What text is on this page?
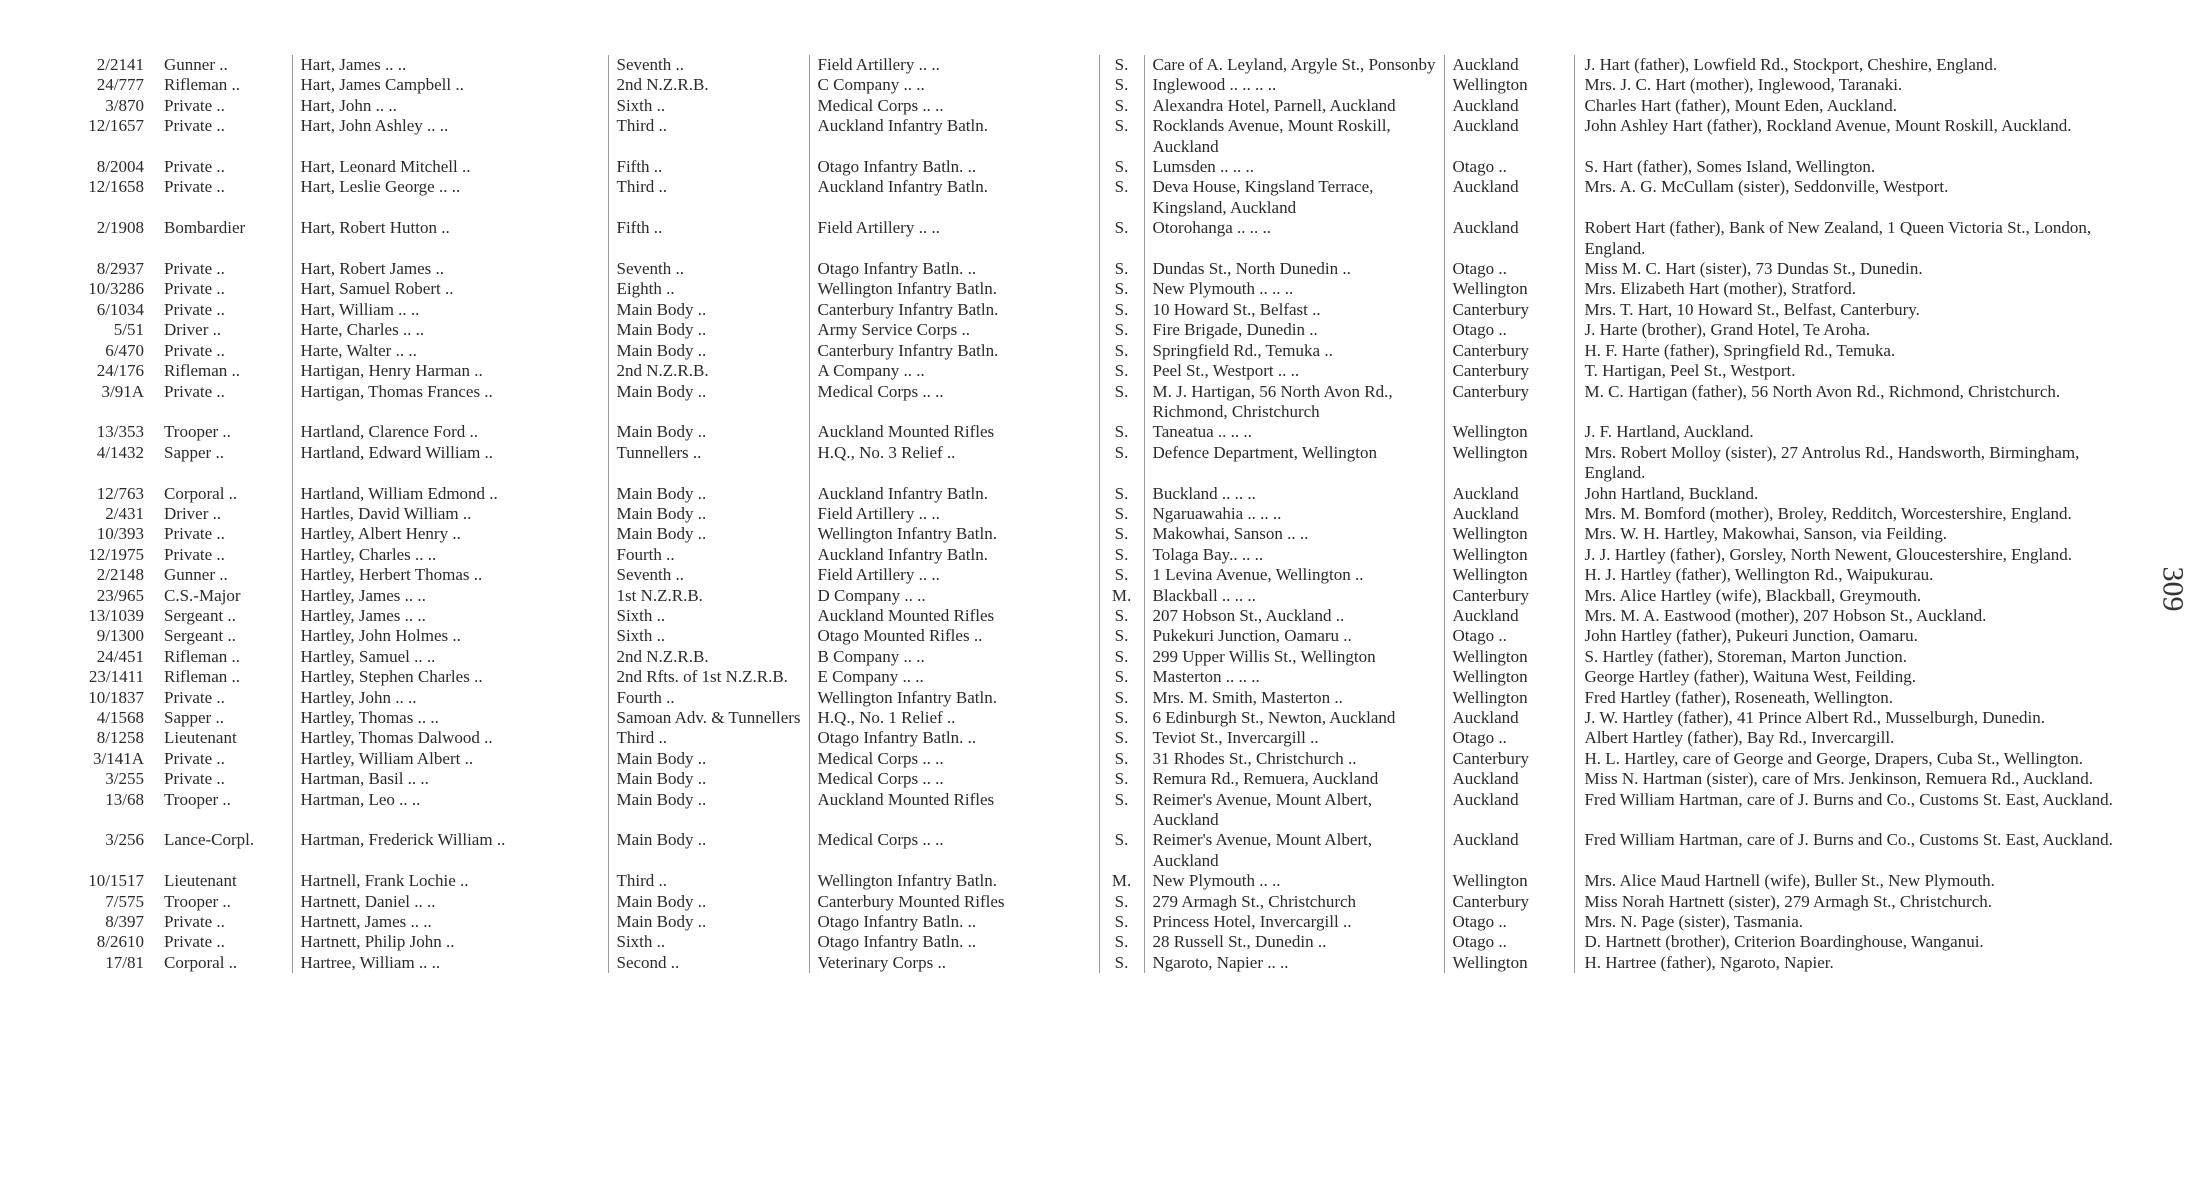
2/2141	Gunner ..	Hart, James .. ..	Seventh ..	Field Artillery .. ..	S.	Care of A. Leyland, Argyle St., Ponsonby	Auckland	J. Hart (father), Lowfield Rd., Stockport, Cheshire, England.
24/777	Rifleman ..	Hart, James Campbell ..	2nd N.Z.R.B.	C Company .. ..	S.	Inglewood .. .. .. ..	Wellington	Mrs. J. C. Hart (mother), Inglewood, Taranaki.
3/870	Private ..	Hart, John .. ..	Sixth ..	Medical Corps .. ..	S.	Alexandra Hotel, Parnell, Auckland	Auckland	Charles Hart (father), Mount Eden, Auckland.
12/1657	Private ..	Hart, John Ashley .. ..	Third ..	Auckland Infantry Batln.	S.	Rocklands Avenue, Mount Roskill, Auckland	Auckland	John Ashley Hart (father), Rockland Avenue, Mount Roskill, Auckland.
8/2004	Private ..	Hart, Leonard Mitchell ..	Fifth ..	Otago Infantry Batln. ..	S.	Lumsden .. .. ..	Otago ..	S. Hart (father), Somes Island, Wellington.
12/1658	Private ..	Hart, Leslie George .. ..	Third ..	Auckland Infantry Batln.	S.	Deva House, Kingsland Terrace, Kingsland, Auckland	Auckland	Mrs. A. G. McCullam (sister), Seddonville, Westport.
2/1908	Bombardier	Hart, Robert Hutton ..	Fifth ..	Field Artillery .. ..	S.	Otorohanga .. .. ..	Auckland	Robert Hart (father), Bank of New Zealand, 1 Queen Victoria St., London, England.
8/2937	Private ..	Hart, Robert James ..	Seventh ..	Otago Infantry Batln. ..	S.	Dundas St., North Dunedin ..	Otago ..	Miss M. C. Hart (sister), 73 Dundas St., Dunedin.
10/3286	Private ..	Hart, Samuel Robert ..	Eighth ..	Wellington Infantry Batln.	S.	New Plymouth .. .. ..	Wellington	Mrs. Elizabeth Hart (mother), Stratford.
6/1034	Private ..	Hart, William .. ..	Main Body ..	Canterbury Infantry Batln.	S.	10 Howard St., Belfast ..	Canterbury	Mrs. T. Hart, 10 Howard St., Belfast, Canterbury.
5/51	Driver ..	Harte, Charles .. ..	Main Body ..	Army Service Corps ..	S.	Fire Brigade, Dunedin ..	Otago ..	J. Harte (brother), Grand Hotel, Te Aroha.
6/470	Private ..	Harte, Walter .. ..	Main Body ..	Canterbury Infantry Batln.	S.	Springfield Rd., Temuka ..	Canterbury	H. F. Harte (father), Springfield Rd., Temuka.
24/176	Rifleman ..	Hartigan, Henry Harman ..	2nd N.Z.R.B.	A Company .. ..	S.	Peel St., Westport .. ..	Canterbury	T. Hartigan, Peel St., Westport.
3/91A	Private ..	Hartigan, Thomas Frances ..	Main Body ..	Medical Corps .. ..	S.	M. J. Hartigan, 56 North Avon Rd., Richmond, Christchurch	Canterbury	M. C. Hartigan (father), 56 North Avon Rd., Richmond, Christchurch.
13/353	Trooper ..	Hartland, Clarence Ford ..	Main Body ..	Auckland Mounted Rifles	S.	Taneatua .. .. ..	Wellington	J. F. Hartland, Auckland.
4/1432	Sapper ..	Hartland, Edward William ..	Tunnellers ..	H.Q., No. 3 Relief ..	S.	Defence Department, Wellington	Wellington	Mrs. Robert Molloy (sister), 27 Antrolus Rd., Handsworth, Birmingham, England.
12/763	Corporal ..	Hartland, William Edmond ..	Main Body ..	Auckland Infantry Batln.	S.	Buckland .. .. ..	Auckland	John Hartland, Buckland.
2/431	Driver ..	Hartles, David William ..	Main Body ..	Field Artillery .. ..	S.	Ngaruawahia .. .. ..	Auckland	Mrs. M. Bomford (mother), Broley, Redditch, Worcestershire, England.
10/393	Private ..	Hartley, Albert Henry ..	Main Body ..	Wellington Infantry Batln.	S.	Makowhai, Sanson .. ..	Wellington	Mrs. W. H. Hartley, Makowhai, Sanson, via Feilding.
12/1975	Private ..	Hartley, Charles .. ..	Fourth ..	Auckland Infantry Batln.	S.	Tolaga Bay.. .. ..	Wellington	J. J. Hartley (father), Gorsley, North Newent, Gloucestershire, England.
2/2148	Gunner ..	Hartley, Herbert Thomas ..	Seventh ..	Field Artillery .. ..	S.	1 Levina Avenue, Wellington ..	Wellington	H. J. Hartley (father), Wellington Rd., Waipukurau.
23/965	C.S.-Major	Hartley, James .. ..	1st N.Z.R.B.	D Company .. ..	M.	Blackball .. .. ..	Canterbury	Mrs. Alice Hartley (wife), Blackball, Greymouth.
13/1039	Sergeant ..	Hartley, James .. ..	Sixth ..	Auckland Mounted Rifles	S.	207 Hobson St., Auckland ..	Auckland	Mrs. M. A. Eastwood (mother), 207 Hobson St., Auckland.
9/1300	Sergeant ..	Hartley, John Holmes ..	Sixth ..	Otago Mounted Rifles ..	S.	Pukekuri Junction, Oamaru ..	Otago ..	John Hartley (father), Pukeuri Junction, Oamaru.
24/451	Rifleman ..	Hartley, Samuel .. ..	2nd N.Z.R.B.	B Company .. ..	S.	299 Upper Willis St., Wellington	Wellington	S. Hartley (father), Storeman, Marton Junction.
23/1411	Rifleman ..	Hartley, Stephen Charles ..	2nd Rfts. of 1st N.Z.R.B.	E Company .. ..	S.	Masterton .. .. ..	Wellington	George Hartley (father), Waituna West, Feilding.
10/1837	Private ..	Hartley, John .. ..	Fourth ..	Wellington Infantry Batln.	S.	Mrs. M. Smith, Masterton ..	Wellington	Fred Hartley (father), Roseneath, Wellington.
4/1568	Sapper ..	Hartley, Thomas .. ..	Samoan Adv. & Tunnellers	H.Q., No. 1 Relief ..	S.	6 Edinburgh St., Newton, Auckland	Auckland	J. W. Hartley (father), 41 Prince Albert Rd., Musselburgh, Dunedin.
8/1258	Lieutenant	Hartley, Thomas Dalwood ..	Third ..	Otago Infantry Batln. ..	S.	Teviot St., Invercargill ..	Otago ..	Albert Hartley (father), Bay Rd., Invercargill.
3/141A	Private ..	Hartley, William Albert ..	Main Body ..	Medical Corps .. ..	S.	31 Rhodes St., Christchurch ..	Canterbury	H. L. Hartley, care of George and George, Drapers, Cuba St., Wellington.
3/255	Private ..	Hartman, Basil .. ..	Main Body ..	Medical Corps .. ..	S.	Remura Rd., Remuera, Auckland	Auckland	Miss N. Hartman (sister), care of Mrs. Jenkinson, Remuera Rd., Auckland.
13/68	Trooper ..	Hartman, Leo .. ..	Main Body ..	Auckland Mounted Rifles	S.	Reimer's Avenue, Mount Albert, Auckland	Auckland	Fred William Hartman, care of J. Burns and Co., Customs St. East, Auckland.
3/256	Lance-Corpl.	Hartman, Frederick William ..	Main Body ..	Medical Corps .. ..	S.	Reimer's Avenue, Mount Albert, Auckland	Auckland	Fred William Hartman, care of J. Burns and Co., Customs St. East, Auckland.
10/1517	Lieutenant	Hartnell, Frank Lochie ..	Third ..	Wellington Infantry Batln.	M.	New Plymouth .. ..	Wellington	Mrs. Alice Maud Hartnell (wife), Buller St., New Plymouth.
7/575	Trooper ..	Hartnett, Daniel .. ..	Main Body ..	Canterbury Mounted Rifles	S.	279 Armagh St., Christchurch	Canterbury	Miss Norah Hartnett (sister), 279 Armagh St., Christchurch.
8/397	Private ..	Hartnett, James .. ..	Main Body ..	Otago Infantry Batln. ..	S.	Princess Hotel, Invercargill ..	Otago ..	Mrs. N. Page (sister), Tasmania.
8/2610	Private ..	Hartnett, Philip John ..	Sixth ..	Otago Infantry Batln. ..	S.	28 Russell St., Dunedin ..	Otago ..	D. Hartnett (brother), Criterion Boardinghouse, Wanganui.
17/81	Corporal ..	Hartree, William .. ..	Second ..	Veterinary Corps ..	S.	Ngaroto, Napier .. ..	Wellington	H. Hartree (father), Ngaroto, Napier.
309
